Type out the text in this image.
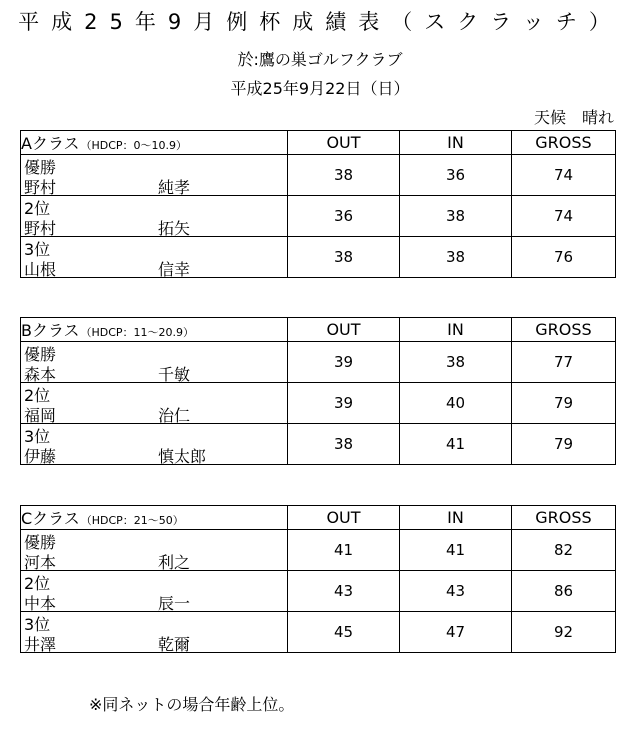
平成25年9月例杯成績表（スクラッチ）
於:鷹の巣ゴルフクラブ
平成25年9月22日（日）
天候　晴れ
Aクラス（HDCP：0〜10.9）	OUT	IN	GROSS

優勝
野村 純孝	38	36	74

2位
野村 拓矢	36	38	74

3位
山根 信幸	38	38	76
Bクラス（HDCP：11〜20.9）	OUT	IN	GROSS

優勝
森本 千敏	39	38	77

2位
福岡 治仁	39	40	79

3位
伊藤 慎太郎	38	41	79
Cクラス（HDCP：21〜50）	OUT	IN	GROSS

優勝
河本 利之	41	41	82

2位
中本 辰一	43	43	86

3位
井澤 乾爾	45	47	92
※同ネットの場合年齢上位。
